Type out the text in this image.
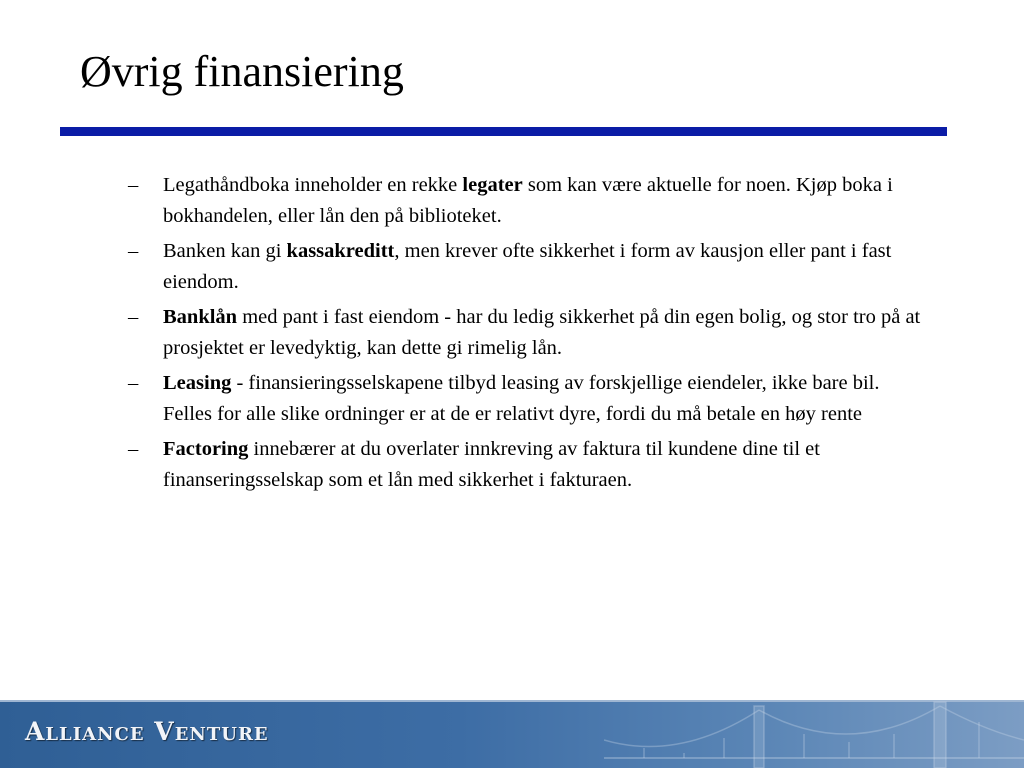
Øvrig finansiering
– Legathåndboka inneholder en rekke legater som kan være aktuelle for noen. Kjøp boka i bokhandelen, eller lån den på biblioteket.
– Banken kan gi kassakreditt, men krever ofte sikkerhet i form av kausjon eller pant i fast eiendom.
– Banklån med pant i fast eiendom - har du ledig sikkerhet på din egen bolig, og stor tro på at prosjektet er levedyktig, kan dette gi rimelig lån.
– Leasing - finansieringsselskapene tilbyd leasing av forskjellige eiendeler, ikke bare bil. Felles for alle slike ordninger er at de er relativt dyre, fordi du må betale en høy rente
– Factoring innebærer at du overlater innkreving av faktura til kundene dine til et finanseringsselskap som et lån med sikkerhet i fakturaen.
Alliance Venture
